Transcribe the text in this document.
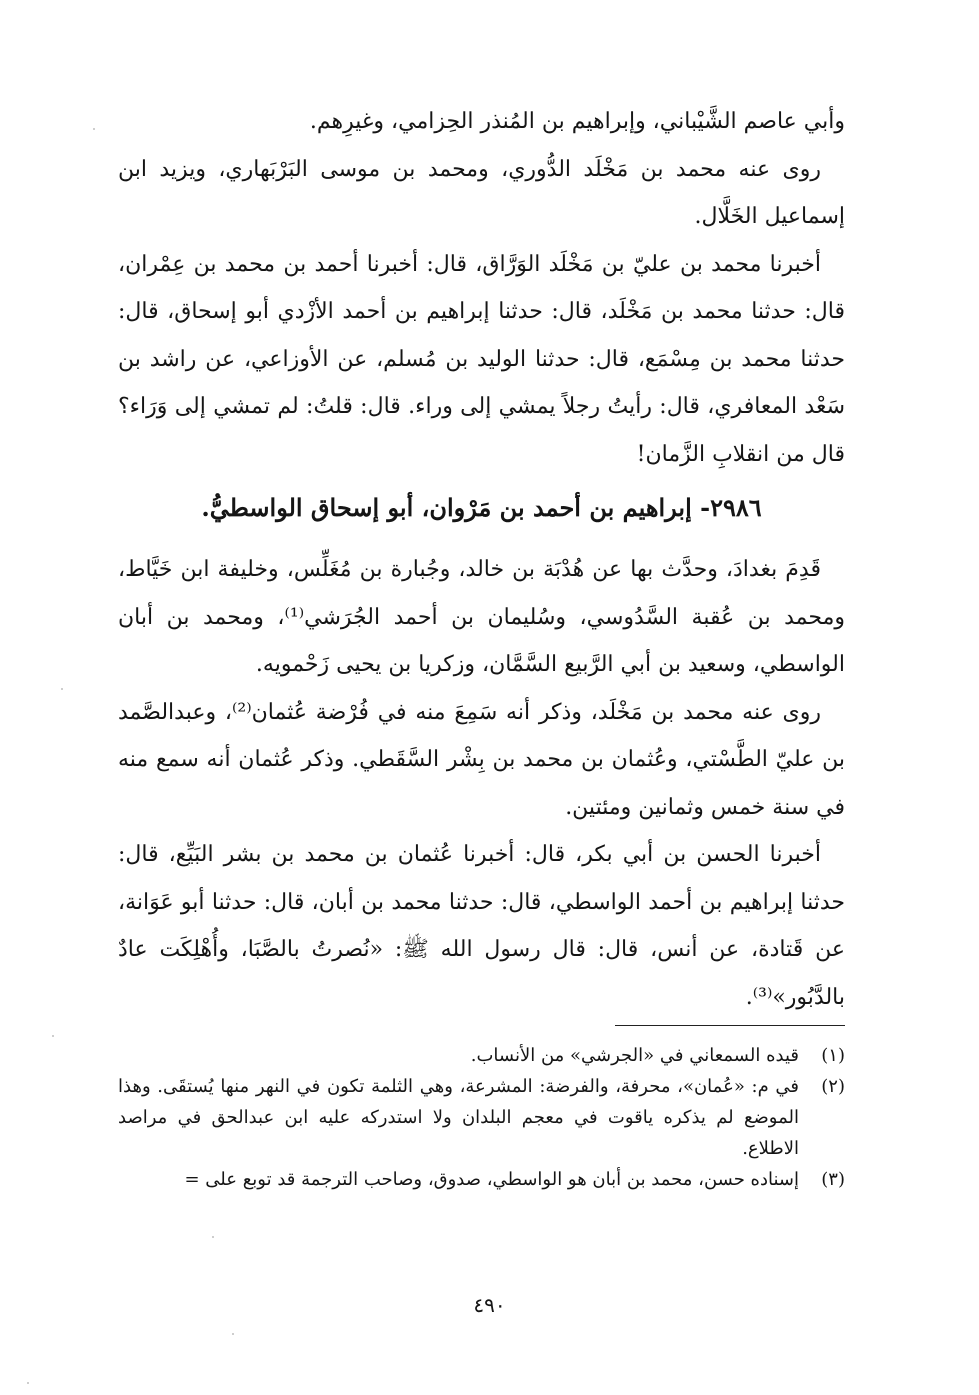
وأبي عاصم الشَّيْباني، وإبراهيم بن المُنذر الحِزامي، وغيرِهم.

روى عنه محمد بن مَخْلَد الدُّوري، ومحمد بن موسى البَرْبَهاري، ويزيد ابن إسماعيل الخَلَّال.

أخبرنا محمد بن عليّ بن مَخْلَد الوَرَّاق، قال: أخبرنا أحمد بن محمد بن عِمْران، قال: حدثنا محمد بن مَخْلَد، قال: حدثنا إبراهيم بن أحمد الأزْدي أبو إسحاق، قال: حدثنا محمد بن مِسْمَع، قال: حدثنا الوليد بن مُسلم، عن الأوزاعي، عن راشد بن سَعْد المعافري، قال: رأيتُ رجلاً يمشي إلى وراء. قال: قلتُ: لم تمشي إلى وَرَاء؟ قال من انقلابِ الزَّمان!

٢٩٨٦- إبراهيم بن أحمد بن مَرْوان، أبو إسحاق الواسطيُّ.

قَدِمَ بغدادَ، وحدَّث بها عن هُدْبَة بن خالد، وجُبارة بن مُغَلِّس، وخليفة ابن خَيَّاط، ومحمد بن عُقبة السَّدُوسي، وسُليمان بن أحمد الجُرَشي⁽¹⁾، ومحمد بن أبان الواسطي، وسعيد بن أبي الرَّبيع السَّمَّان، وزكريا بن يحيى زَحْمويه.

روى عنه محمد بن مَخْلَد، وذكر أنه سَمِعَ منه في فُرْضة عُثمان⁽²⁾، وعبدالصَّمد بن عليّ الطَّسْتي، وعُثمان بن محمد بن بِشْر السَّقَطي. وذكر عُثمان أنه سمع منه في سنة خمس وثمانين ومئتين.

أخبرنا الحسن بن أبي بكر، قال: أخبرنا عُثمان بن محمد بن بشر البَيِّع، قال: حدثنا إبراهيم بن أحمد الواسطي، قال: حدثنا محمد بن أبان، قال: حدثنا أبو عَوَانة، عن قَتادة، عن أنس، قال: قال رسول الله ﷺ: «نُصرتُ بالصَّبَا، وأُهْلِكَت عادٌ بالدَّبُور»⁽³⁾.

(١)
قيده السمعاني في «الجرشي» من الأنساب.
(٢)
في م: «عُمان»، محرفة، والفرضة: المشرعة، وهي الثلمة تكون في النهر منها يُستقَى. وهذا الموضع لم يذكره ياقوت في معجم البلدان ولا استدركه عليه ابن عبدالحق في مراصد الاطلاع.
(٣)
إسناده حسن، محمد بن أبان هو الواسطي، صدوق، وصاحب الترجمة قد توبع على =
٤٩٠
